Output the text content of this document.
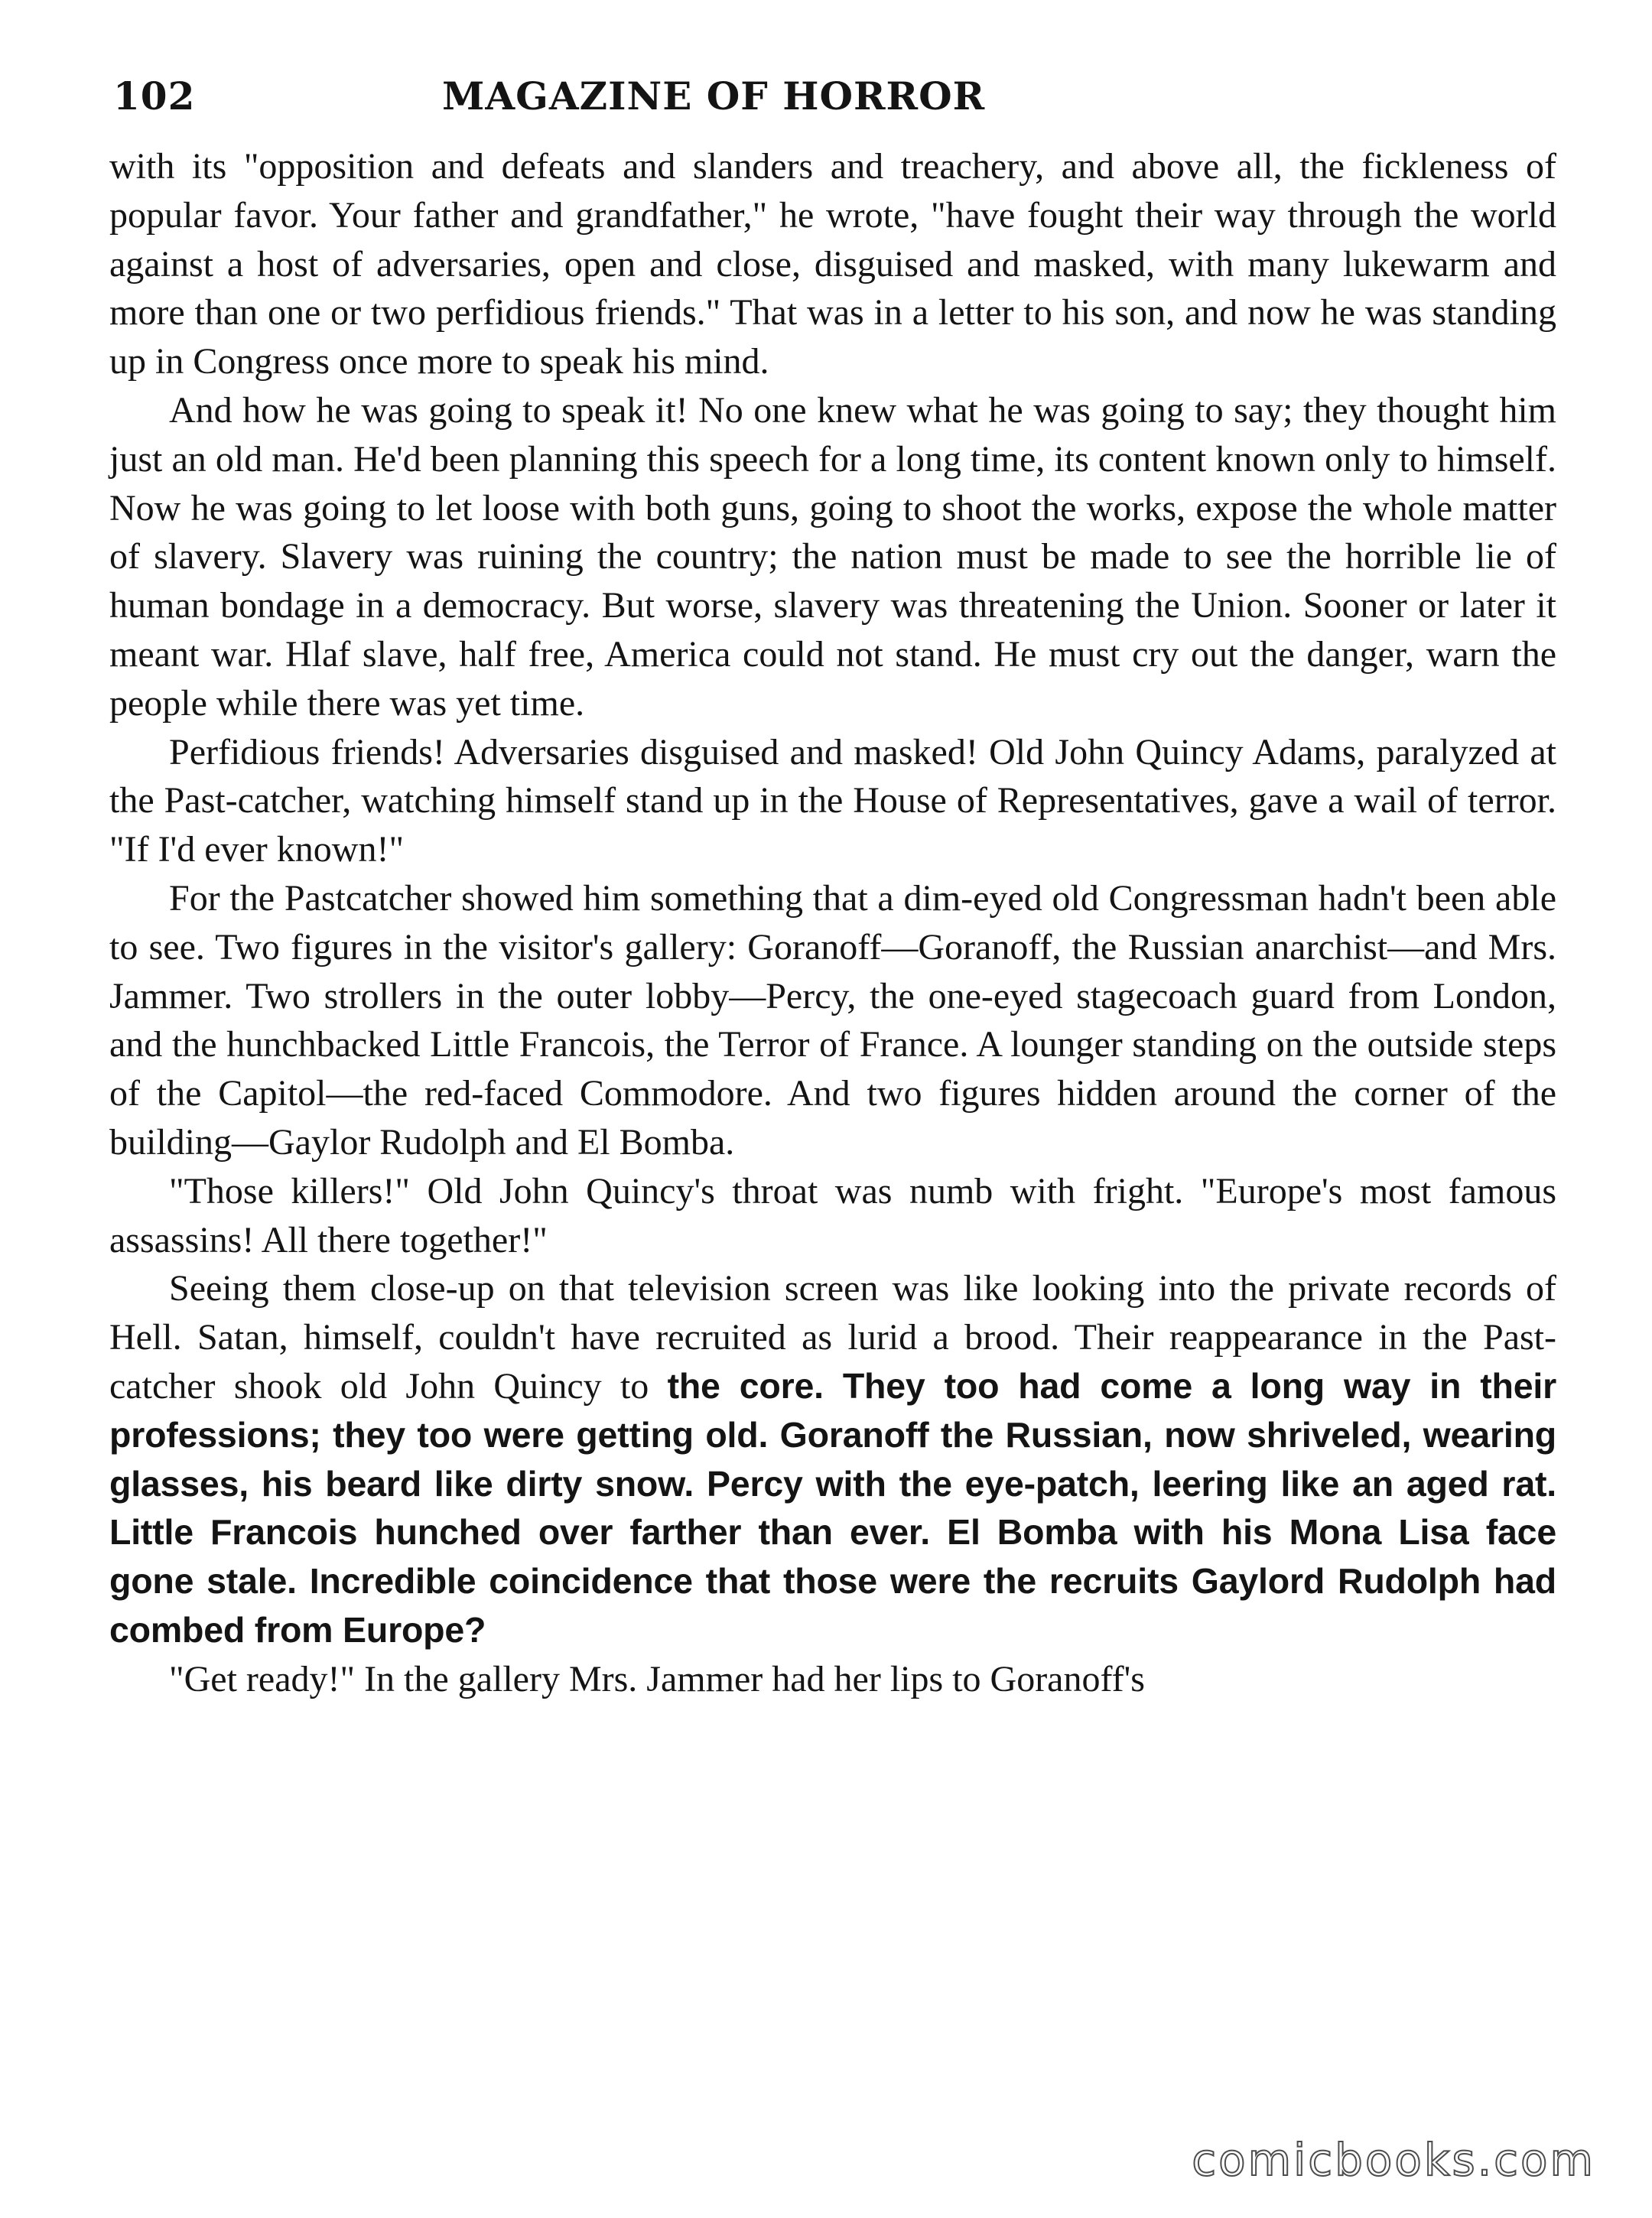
102	MAGAZINE OF HORROR

with its "opposition and defeats and slanders and treachery, and above all, the fickleness of popular favor. Your father and grandfather," he wrote, "have fought their way through the world against a host of adversaries, open and close, disguised and masked, with many lukewarm and more than one or two perfidious friends." That was in a letter to his son, and now he was standing up in Congress once more to speak his mind.

And how he was going to speak it! No one knew what he was going to say; they thought him just an old man. He'd been planning this speech for a long time, its content known only to himself. Now he was going to let loose with both guns, going to shoot the works, expose the whole matter of slavery. Slavery was ruining the country; the nation must be made to see the horrible lie of human bondage in a democracy. But worse, slavery was threatening the Union. Sooner or later it meant war. Hlaf slave, half free, America could not stand. He must cry out the danger, warn the people while there was yet time.

Perfidious friends! Adversaries disguised and masked! Old John Quincy Adams, paralyzed at the Past-catcher, watching himself stand up in the House of Representatives, gave a wail of terror. "If I'd ever known!"

For the Pastcatcher showed him something that a dim-eyed old Congressman hadn't been able to see. Two figures in the visitor's gallery: Goranoff—Goranoff, the Russian anarchist—and Mrs. Jammer. Two strollers in the outer lobby—Percy, the one-eyed stagecoach guard from London, and the hunchbacked Little Francois, the Terror of France. A lounger standing on the outside steps of the Capitol—the red-faced Commodore. And two figures hidden around the corner of the building—Gaylor Rudolph and El Bomba.

"Those killers!" Old John Quincy's throat was numb with fright. "Europe's most famous assassins! All there together!"

Seeing them close-up on that television screen was like looking into the private records of Hell. Satan, himself, couldn't have recruited as lurid a brood. Their reappearance in the Past-catcher shook old John Quincy to the core. They too had come a long way in their professions; they too were getting old. Goranoff the Russian, now shriveled, wearing glasses, his beard like dirty snow. Percy with the eye-patch, leering like an aged rat. Little Francois hunched over farther than ever. El Bomba with his Mona Lisa face gone stale. Incredible coincidence that those were the recruits Gaylord Rudolph had combed from Europe?

"Get ready!" In the gallery Mrs. Jammer had her lips to Goranoff's

comicbooks.com
